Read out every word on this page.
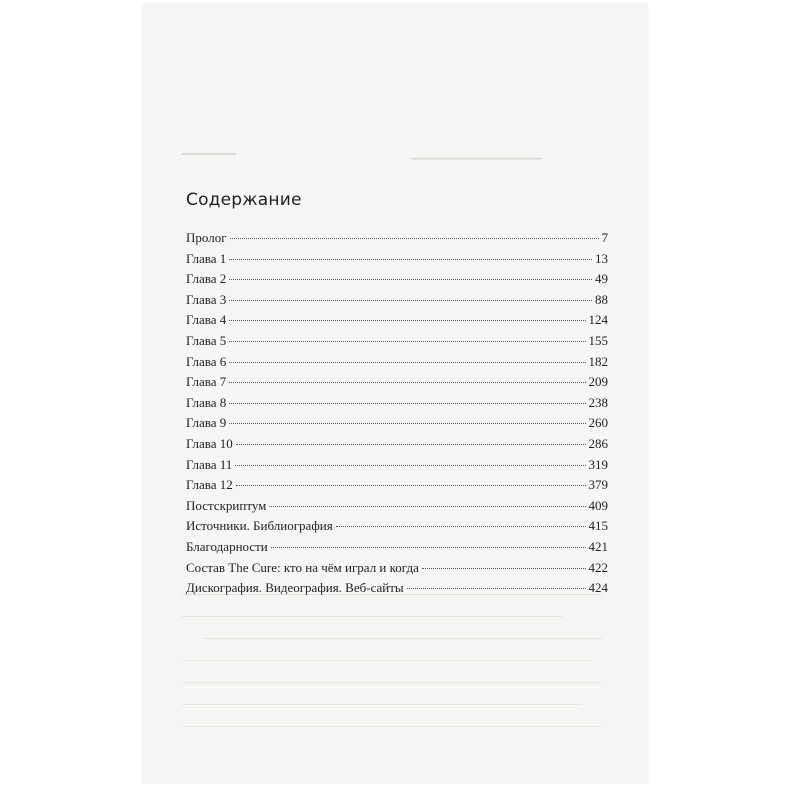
▔▔▔▔▔	▔▔▔▔▔▔▔▔▔▔▔▔▔▔
Содержание
Пролог	7
Глава 1	13
Глава 2	49
Глава 3	88
Глава 4	124
Глава 5	155
Глава 6	182
Глава 7	209
Глава 8	238
Глава 9	260
Глава 10	286
Глава 11	319
Глава 12	379
Постскриптум	409
Источники. Библиография	415
Благодарности	421
Состав The Cure: кто на чём играл и когда	422
Дискография. Видеография. Веб-сайты	424
